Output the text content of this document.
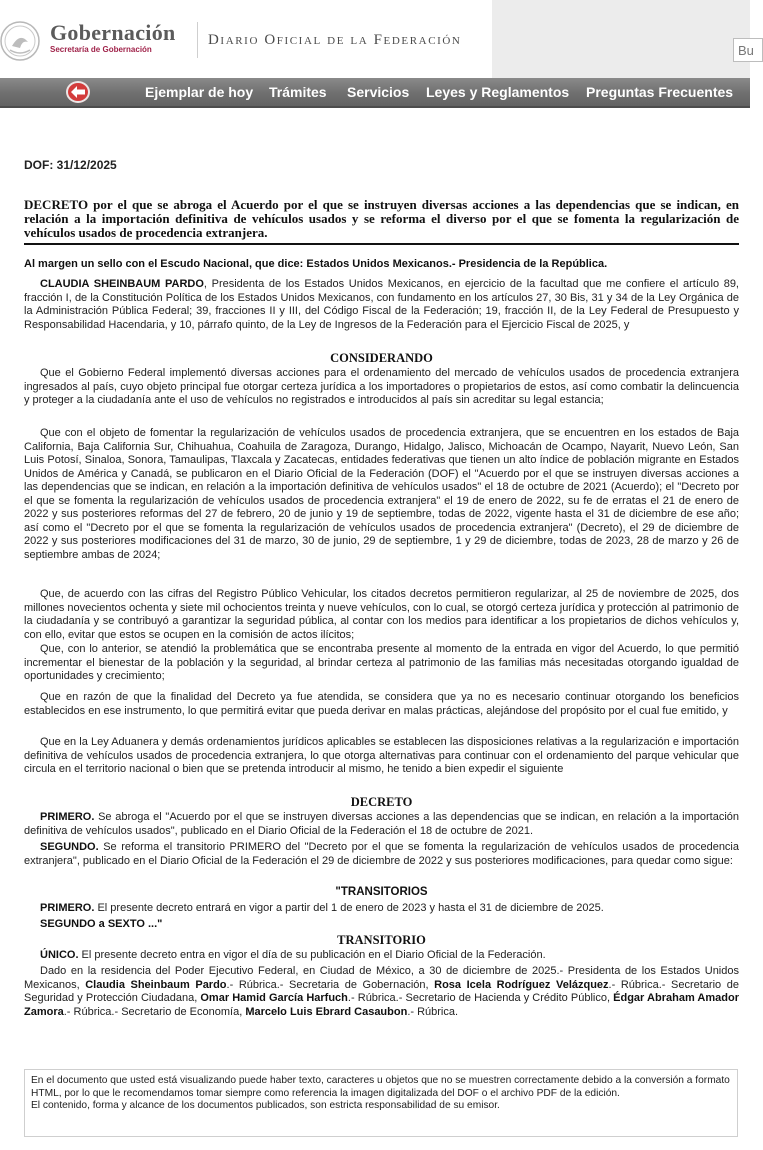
Bu
Gobernación
Secretaría de Gobernación
Diario Oficial de la Federación
Ejemplar de hoy Trámites Servicios Leyes y Reglamentos Preguntas Frecuentes
DOF: 31/12/2025
DECRETO por el que se abroga el Acuerdo por el que se instruyen diversas acciones a las dependencias que se indican, en relación a la importación definitiva de vehículos usados y se reforma el diverso por el que se fomenta la regularización de vehículos usados de procedencia extranjera.
Al margen un sello con el Escudo Nacional, que dice: Estados Unidos Mexicanos.- Presidencia de la República.
CLAUDIA SHEINBAUM PARDO, Presidenta de los Estados Unidos Mexicanos, en ejercicio de la facultad que me confiere el artículo 89, fracción I, de la Constitución Política de los Estados Unidos Mexicanos, con fundamento en los artículos 27, 30 Bis, 31 y 34 de la Ley Orgánica de la Administración Pública Federal; 39, fracciones II y III, del Código Fiscal de la Federación; 19, fracción II, de la Ley Federal de Presupuesto y Responsabilidad Hacendaria, y 10, párrafo quinto, de la Ley de Ingresos de la Federación para el Ejercicio Fiscal de 2025, y
CONSIDERANDO
Que el Gobierno Federal implementó diversas acciones para el ordenamiento del mercado de vehículos usados de procedencia extranjera ingresados al país, cuyo objeto principal fue otorgar certeza jurídica a los importadores o propietarios de estos, así como combatir la delincuencia y proteger a la ciudadanía ante el uso de vehículos no registrados e introducidos al país sin acreditar su legal estancia;
Que con el objeto de fomentar la regularización de vehículos usados de procedencia extranjera, que se encuentren en los estados de Baja California, Baja California Sur, Chihuahua, Coahuila de Zaragoza, Durango, Hidalgo, Jalisco, Michoacán de Ocampo, Nayarit, Nuevo León, San Luis Potosí, Sinaloa, Sonora, Tamaulipas, Tlaxcala y Zacatecas, entidades federativas que tienen un alto índice de población migrante en Estados Unidos de América y Canadá, se publicaron en el Diario Oficial de la Federación (DOF) el "Acuerdo por el que se instruyen diversas acciones a las dependencias que se indican, en relación a la importación definitiva de vehículos usados" el 18 de octubre de 2021 (Acuerdo); el "Decreto por el que se fomenta la regularización de vehículos usados de procedencia extranjera" el 19 de enero de 2022, su fe de erratas el 21 de enero de 2022 y sus posteriores reformas del 27 de febrero, 20 de junio y 19 de septiembre, todas de 2022, vigente hasta el 31 de diciembre de ese año; así como el "Decreto por el que se fomenta la regularización de vehículos usados de procedencia extranjera" (Decreto), el 29 de diciembre de 2022 y sus posteriores modificaciones del 31 de marzo, 30 de junio, 29 de septiembre, 1 y 29 de diciembre, todas de 2023, 28 de marzo y 26 de septiembre ambas de 2024;
Que, de acuerdo con las cifras del Registro Público Vehicular, los citados decretos permitieron regularizar, al 25 de noviembre de 2025, dos millones novecientos ochenta y siete mil ochocientos treinta y nueve vehículos, con lo cual, se otorgó certeza jurídica y protección al patrimonio de la ciudadanía y se contribuyó a garantizar la seguridad pública, al contar con los medios para identificar a los propietarios de dichos vehículos y, con ello, evitar que estos se ocupen en la comisión de actos ilícitos;
Que, con lo anterior, se atendió la problemática que se encontraba presente al momento de la entrada en vigor del Acuerdo, lo que permitió incrementar el bienestar de la población y la seguridad, al brindar certeza al patrimonio de las familias más necesitadas otorgando igualdad de oportunidades y crecimiento;
Que en razón de que la finalidad del Decreto ya fue atendida, se considera que ya no es necesario continuar otorgando los beneficios establecidos en ese instrumento, lo que permitirá evitar que pueda derivar en malas prácticas, alejándose del propósito por el cual fue emitido, y
Que en la Ley Aduanera y demás ordenamientos jurídicos aplicables se establecen las disposiciones relativas a la regularización e importación definitiva de vehículos usados de procedencia extranjera, lo que otorga alternativas para continuar con el ordenamiento del parque vehicular que circula en el territorio nacional o bien que se pretenda introducir al mismo, he tenido a bien expedir el siguiente
DECRETO
PRIMERO. Se abroga el "Acuerdo por el que se instruyen diversas acciones a las dependencias que se indican, en relación a la importación definitiva de vehículos usados", publicado en el Diario Oficial de la Federación el 18 de octubre de 2021.
SEGUNDO. Se reforma el transitorio PRIMERO del "Decreto por el que se fomenta la regularización de vehículos usados de procedencia extranjera", publicado en el Diario Oficial de la Federación el 29 de diciembre de 2022 y sus posteriores modificaciones, para quedar como sigue:
"TRANSITORIOS
PRIMERO. El presente decreto entrará en vigor a partir del 1 de enero de 2023 y hasta el 31 de diciembre de 2025.
SEGUNDO a SEXTO ..."
TRANSITORIO
ÚNICO. El presente decreto entra en vigor el día de su publicación en el Diario Oficial de la Federación.
Dado en la residencia del Poder Ejecutivo Federal, en Ciudad de México, a 30 de diciembre de 2025.- Presidenta de los Estados Unidos Mexicanos, Claudia Sheinbaum Pardo.- Rúbrica.- Secretaria de Gobernación, Rosa Icela Rodríguez Velázquez.- Rúbrica.- Secretario de Seguridad y Protección Ciudadana, Omar Hamid García Harfuch.- Rúbrica.- Secretario de Hacienda y Crédito Público, Édgar Abraham Amador Zamora.- Rúbrica.- Secretario de Economía, Marcelo Luis Ebrard Casaubon.- Rúbrica.
En el documento que usted está visualizando puede haber texto, caracteres u objetos que no se muestren correctamente debido a la conversión a formato HTML, por lo que le recomendamos tomar siempre como referencia la imagen digitalizada del DOF o el archivo PDF de la edición.
El contenido, forma y alcance de los documentos publicados, son estricta responsabilidad de su emisor.
